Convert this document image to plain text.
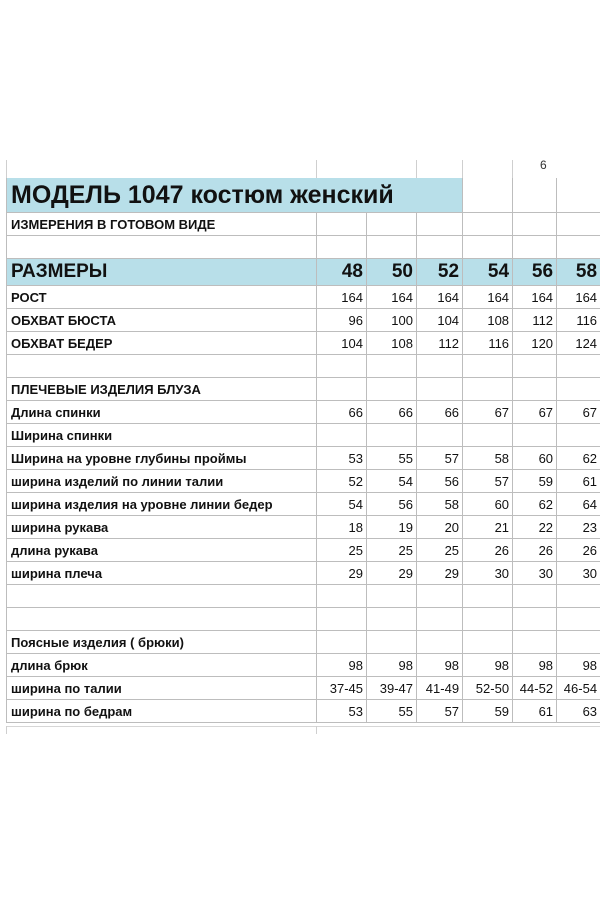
6
МОДЕЛЬ 1047 костюм женский						
ИЗМЕРЕНИЯ В ГОТОВОМ ВИДЕ						

РАЗМЕРЫ	48	50	52	54	56	58
РОСТ	164	164	164	164	164	164
ОБХВАТ БЮСТА	96	100	104	108	112	116
ОБХВАТ БЕДЕР	104	108	112	116	120	124

ПЛЕЧЕВЫЕ ИЗДЕЛИЯ БЛУЗА						
Длина спинки	66	66	66	67	67	67
Ширина спинки						
Ширина на уровне глубины проймы	53	55	57	58	60	62
ширина изделий по линии талии	52	54	56	57	59	61
ширина изделия на уровне линии бедер	54	56	58	60	62	64
ширина рукава	18	19	20	21	22	23
длина рукава	25	25	25	26	26	26
ширина плеча	29	29	29	30	30	30

Поясные изделия ( брюки)						
длина брюк	98	98	98	98	98	98
ширина по талии	37-45	39-47	41-49	52-50	44-52	46-54
ширина по бедрам	53	55	57	59	61	63
